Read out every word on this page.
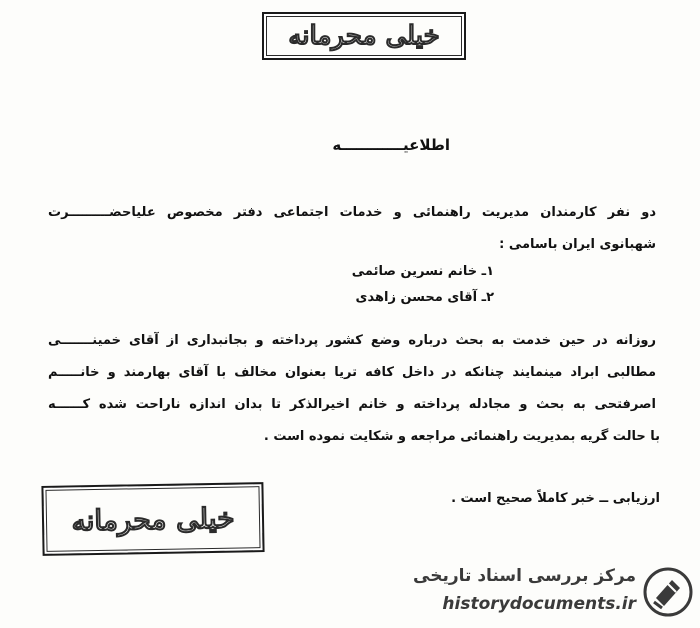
خیلی محرمانه
اطلاعیــــــــــــه
دو نفر کارمندان مدیریت راهنمائی و خدمات اجتماعی دفتر مخصوص علیاحضـــــــــرت
شهبانوی ایران باسامی :
۱ـ خانم نسرین صائمی
۲ـ آقای محسن زاهدی
روزانه در حین خدمت به بحث درباره وضع کشور پرداخته و بجانبداری از آقای خمینـــــــی
مطالبی ابراد مینمایند چنانکه در داخل کافه تریا بعنوان مخالف با آقای بهارمند و خانـــــم
اصرفتحی به بحث و مجادله پرداخته و خانم اخیرالذکر تا بدان اندازه ناراحت شده کــــــه
با حالت گریه بمدیریت راهنمائی مراجعه و شکایت نموده است .
ارزیابی ــ خبر کاملاً صحیح است .
خیلی محرمانه
مرکز بررسی اسناد تاریخی
historydocuments.ir
